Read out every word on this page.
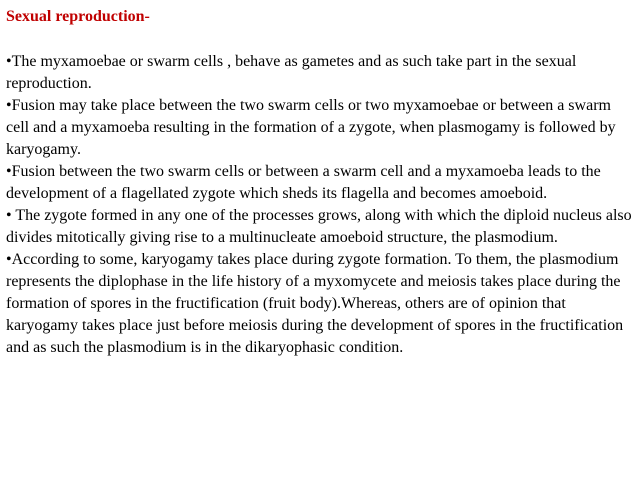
Sexual reproduction-

•The myxamoebae or swarm cells , behave as gametes and as such take part in the sexual reproduction.

•Fusion may take place between the two swarm cells or two myxamoebae or between a swarm cell and a myxamoeba resulting in the formation of a zygote, when plasmogamy is followed by karyogamy.

•Fusion between the two swarm cells or between a swarm cell and a myxamoeba leads to the development of a flagellated zygote which sheds its flagella and becomes amoeboid.

• The zygote formed in any one of the processes grows, along with which the diploid nucleus also divides mitotically giving rise to a multinucleate amoeboid structure, the plasmodium.

•According to some, karyogamy takes place during zygote formation. To them, the plasmodium represents the diplophase in the life history of a myxomycete and meiosis takes place during the formation of spores in the fructification (fruit body).Whereas, others are of opinion that karyogamy takes place just before meiosis during the development of spores in the fructification and as such the plasmodium is in the dikaryophasic condition.
